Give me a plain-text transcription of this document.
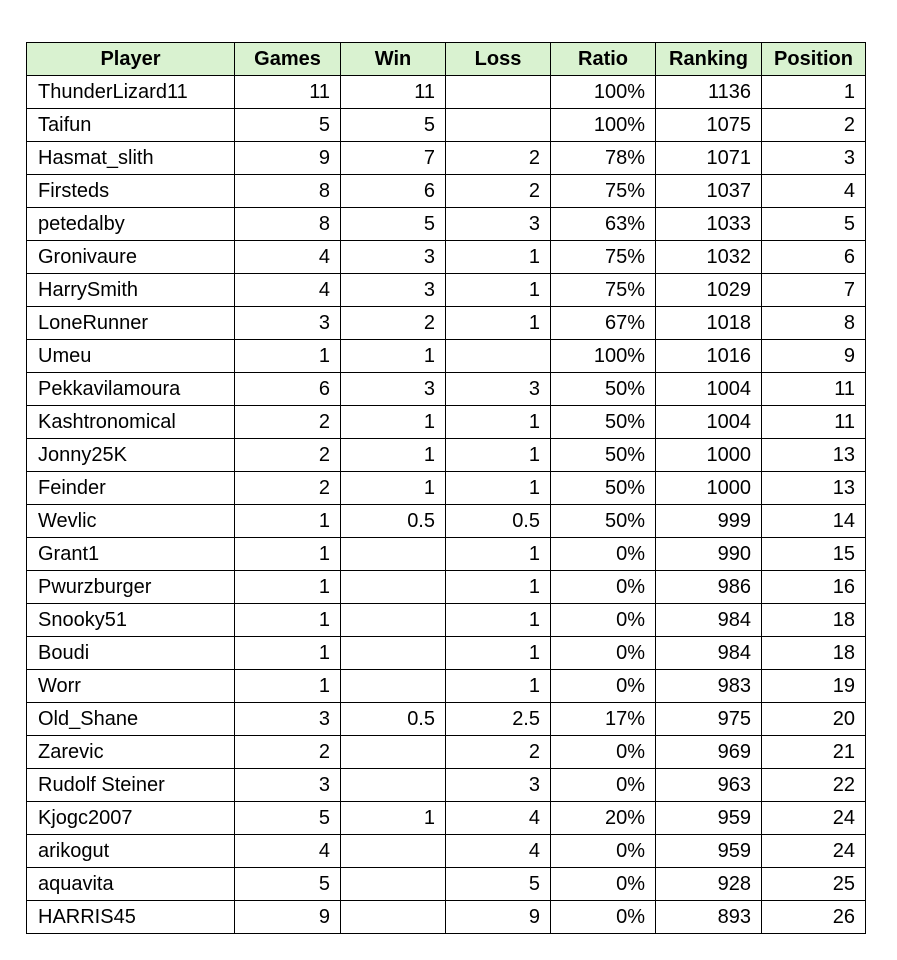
Player	Games	Win	Loss	Ratio	Ranking	Position
ThunderLizard11	11	11		100%	1136	1
Taifun	5	5		100%	1075	2
Hasmat_slith	9	7	2	78%	1071	3
Firsteds	8	6	2	75%	1037	4
petedalby	8	5	3	63%	1033	5
Gronivaure	4	3	1	75%	1032	6
HarrySmith	4	3	1	75%	1029	7
LoneRunner	3	2	1	67%	1018	8
Umeu	1	1		100%	1016	9
Pekkavilamoura	6	3	3	50%	1004	11
Kashtronomical	2	1	1	50%	1004	11
Jonny25K	2	1	1	50%	1000	13
Feinder	2	1	1	50%	1000	13
Wevlic	1	0.5	0.5	50%	999	14
Grant1	1		1	0%	990	15
Pwurzburger	1		1	0%	986	16
Snooky51	1		1	0%	984	18
Boudi	1		1	0%	984	18
Worr	1		1	0%	983	19
Old_Shane	3	0.5	2.5	17%	975	20
Zarevic	2		2	0%	969	21
Rudolf Steiner	3		3	0%	963	22
Kjogc2007	5	1	4	20%	959	24
arikogut	4		4	0%	959	24
aquavita	5		5	0%	928	25
HARRIS45	9		9	0%	893	26
